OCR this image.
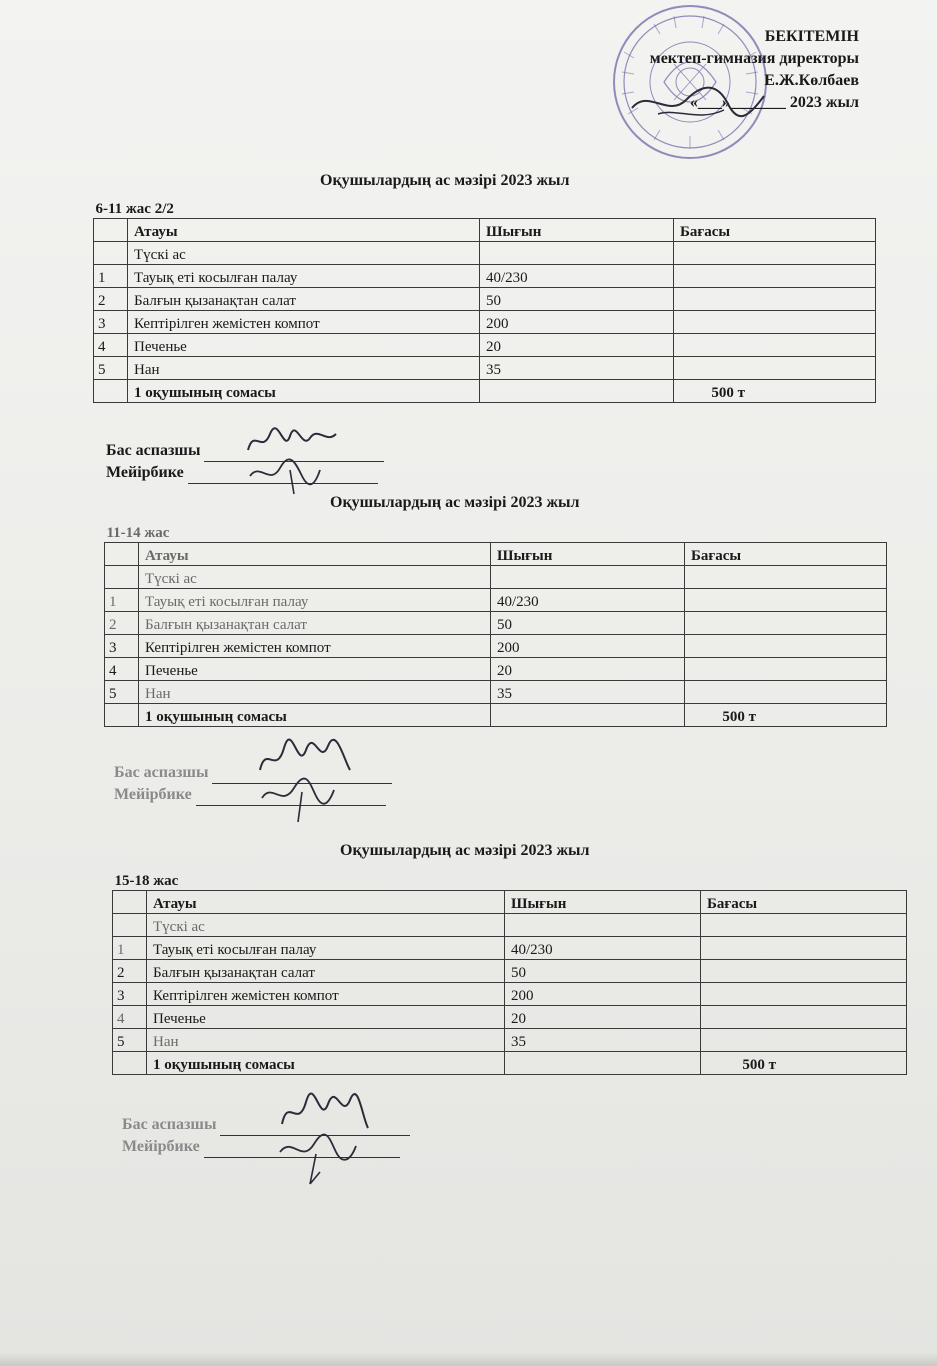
БЕКІТЕМІН
мектеп-гимназия директоры
Е.Ж.Көлбаев
«___»_______ 2023 жыл
Оқушылардың ас мәзірі 2023 жыл
6-11 жас 2/2			
	Атауы	Шығын	Бағасы
	Түскі ас		
1	Тауық еті косылған палау	40/230	
2	Балғын қызанақтан салат	50	
3	Кептірілген жемістен компот	200	
4	Печенье	20	
5	Нан	35	
	1 оқушының сомасы		500 т
Бас аспазшы
Мейірбике
Оқушылардың ас мәзірі 2023 жыл
11-14 жас			
	Атауы	Шығын	Бағасы
	Түскі ас		
1	Тауық еті косылған палау	40/230	
2	Балғын қызанақтан салат	50	
3	Кептірілген жемістен компот	200	
4	Печенье	20	
5	Нан	35	
	1 оқушының сомасы		500 т
Бас аспазшы
Мейірбике
Оқушылардың ас мәзірі 2023 жыл
15-18 жас			
	Атауы	Шығын	Бағасы
	Түскі ас		
1	Тауық еті косылған палау	40/230	
2	Балғын қызанақтан салат	50	
3	Кептірілген жемістен компот	200	
4	Печенье	20	
5	Нан	35	
	1 оқушының сомасы		500 т
Бас аспазшы
Мейірбике
